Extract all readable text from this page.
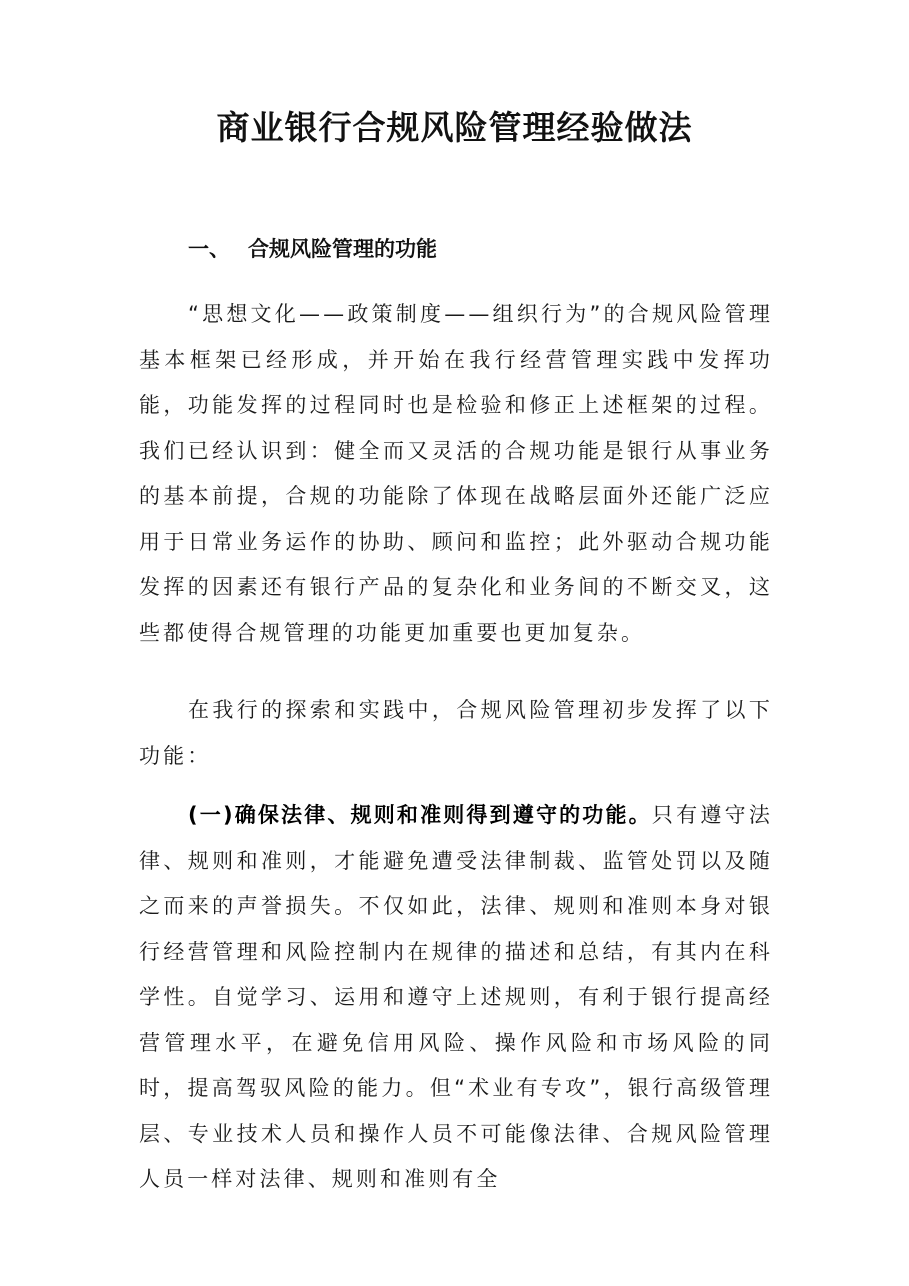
商业银行合规风险管理经验做法
一、 合规风险管理的功能

“思想文化——政策制度——组织行为”的合规风险管理基本框架已经形成，并开始在我行经营管理实践中发挥功能，功能发挥的过程同时也是检验和修正上述框架的过程。我们已经认识到：健全而又灵活的合规功能是银行从事业务的基本前提，合规的功能除了体现在战略层面外还能广泛应用于日常业务运作的协助、顾问和监控；此外驱动合规功能发挥的因素还有银行产品的复杂化和业务间的不断交叉，这些都使得合规管理的功能更加重要也更加复杂。

在我行的探索和实践中，合规风险管理初步发挥了以下功能：

(一)确保法律、规则和准则得到遵守的功能。只有遵守法律、规则和准则，才能避免遭受法律制裁、监管处罚以及随之而来的声誉损失。不仅如此，法律、规则和准则本身对银行经营管理和风险控制内在规律的描述和总结，有其内在科学性。自觉学习、运用和遵守上述规则，有利于银行提高经营管理水平，在避免信用风险、操作风险和市场风险的同时，提高驾驭风险的能力。但“术业有专攻”，银行高级管理层、专业技术人员和操作人员不可能像法律、合规风险管理人员一样对法律、规则和准则有全
